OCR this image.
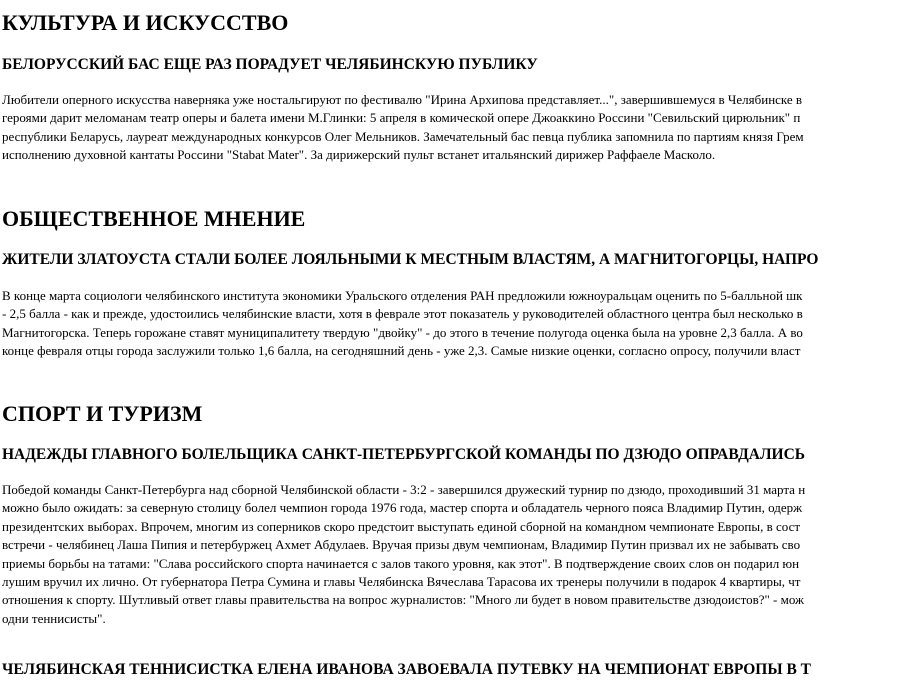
КУЛЬТУРА И ИСКУССТВО
БЕЛОРУССКИЙ БАС ЕЩЕ РАЗ ПОРАДУЕТ ЧЕЛЯБИНСКУЮ ПУБЛИКУ
Любители оперного искусства наверняка уже ностальгируют по фестивалю "Ирина Архипова представляет...", завершившемуся в Челябинске в
героями дарит меломанам театр оперы и балета имени М.Глинки: 5 апреля в комической опере Джоаккино Россини "Севильский цирюльник" п
республики Беларусь, лауреат международных конкурсов Олег Мельников. Замечательный бас певца публика запомнила по партиям князя Грем
исполнению духовной кантаты Россини "Stabat Mater". За дирижерский пульт встанет итальянский дирижер Раффаеле Масколо.
ОБЩЕСТВЕННОЕ МНЕНИЕ
ЖИТЕЛИ ЗЛАТОУСТА СТАЛИ БОЛЕЕ ЛОЯЛЬНЫМИ К МЕСТНЫМ ВЛАСТЯМ, А МАГНИТОГОРЦЫ, НАПРО
В конце марта социологи челябинского института экономики Уральского отделения РАН предложили южноуральцам оценить по 5-балльной шк
- 2,5 балла - как и прежде, удостоились челябинские власти, хотя в феврале этот показатель у руководителей областного центра был несколько в
Магнитогорска. Теперь горожане ставят муниципалитету твердую "двойку" - до этого в течение полугода оценка была на уровне 2,3 балла. А во
конце февраля отцы города заслужили только 1,6 балла, на сегодняшний день - уже 2,3. Самые низкие оценки, согласно опросу, получили власт
СПОРТ И ТУРИЗМ
НАДЕЖДЫ ГЛАВНОГО БОЛЕЛЬЩИКА САНКТ-ПЕТЕРБУРГСКОЙ КОМАНДЫ ПО ДЗЮДО ОПРАВДАЛИСЬ
Победой команды Санкт-Петербурга над сборной Челябинской области - 3:2 - завершился дружеский турнир по дзюдо, проходивший 31 марта н
можно было ожидать: за северную столицу болел чемпион города 1976 года, мастер спорта и обладатель черного пояса Владимир Путин, одерж
президентских выборах. Впрочем, многим из соперников скоро предстоит выступать единой сборной на командном чемпионате Европы, в сост
встречи - челябинец Лаша Пипия и петербуржец Ахмет Абдулаев. Вручая призы двум чемпионам, Владимир Путин призвал их не забывать сво
приемы борьбы на татами: "Слава российского спорта начинается с залов такого уровня, как этот". В подтверждение своих слов он подарил юн
лушим вручил их лично. От губернатора Петра Сумина и главы Челябинска Вячеслава Тарасова их тренеры получили в подарок 4 квартиры, чт
отношения к спорту. Шутливый ответ главы правительства на вопрос журналистов: "Много ли будет в новом правительстве дзюдоистов?" - мож
одни теннисисты".
ЧЕЛЯБИНСКАЯ ТЕННИСИСТКА ЕЛЕНА ИВАНОВА ЗАВОЕВАЛА ПУТЕВКУ НА ЧЕМПИОНАТ ЕВРОПЫ В Т
